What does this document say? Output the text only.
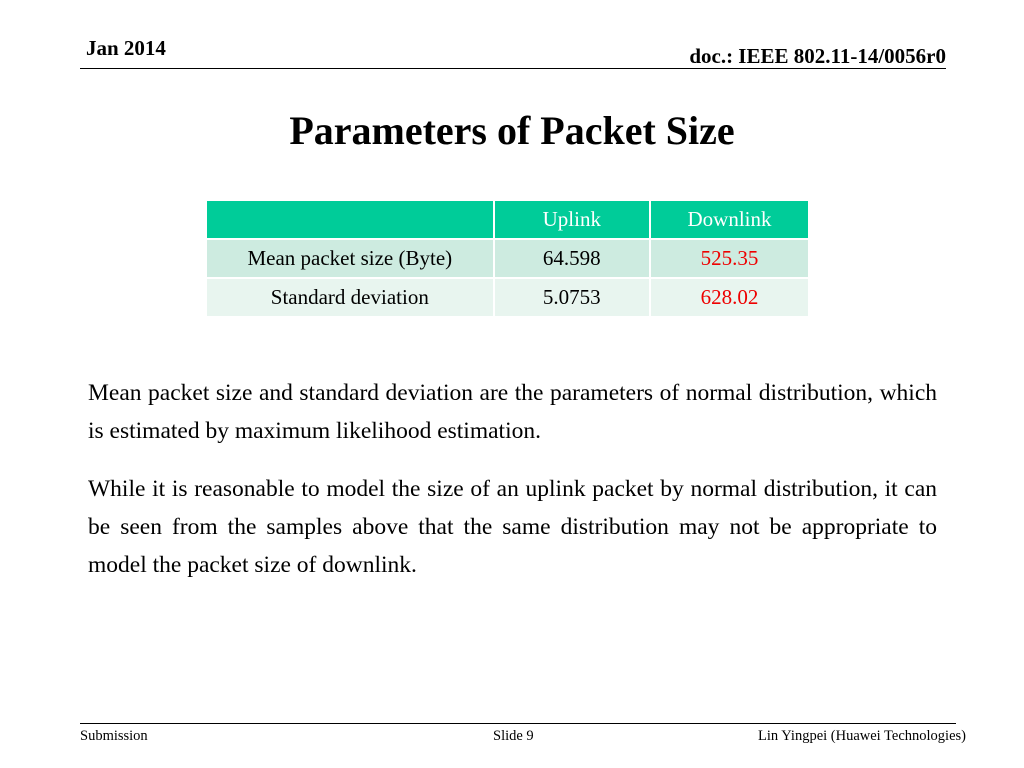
Jan 2014	doc.: IEEE 802.11-14/0056r0
Parameters of Packet Size
	Uplink	Downlink
Mean packet size (Byte)	64.598	525.35
Standard deviation	5.0753	628.02
Mean packet size and standard deviation are the parameters of normal distribution, which is estimated by maximum likelihood estimation.
While it is reasonable to model the size of an uplink packet by normal distribution, it can be seen from the samples above that the same distribution may not be appropriate to model the packet size of downlink.
Submission	Slide 9	Lin Yingpei (Huawei Technologies)
